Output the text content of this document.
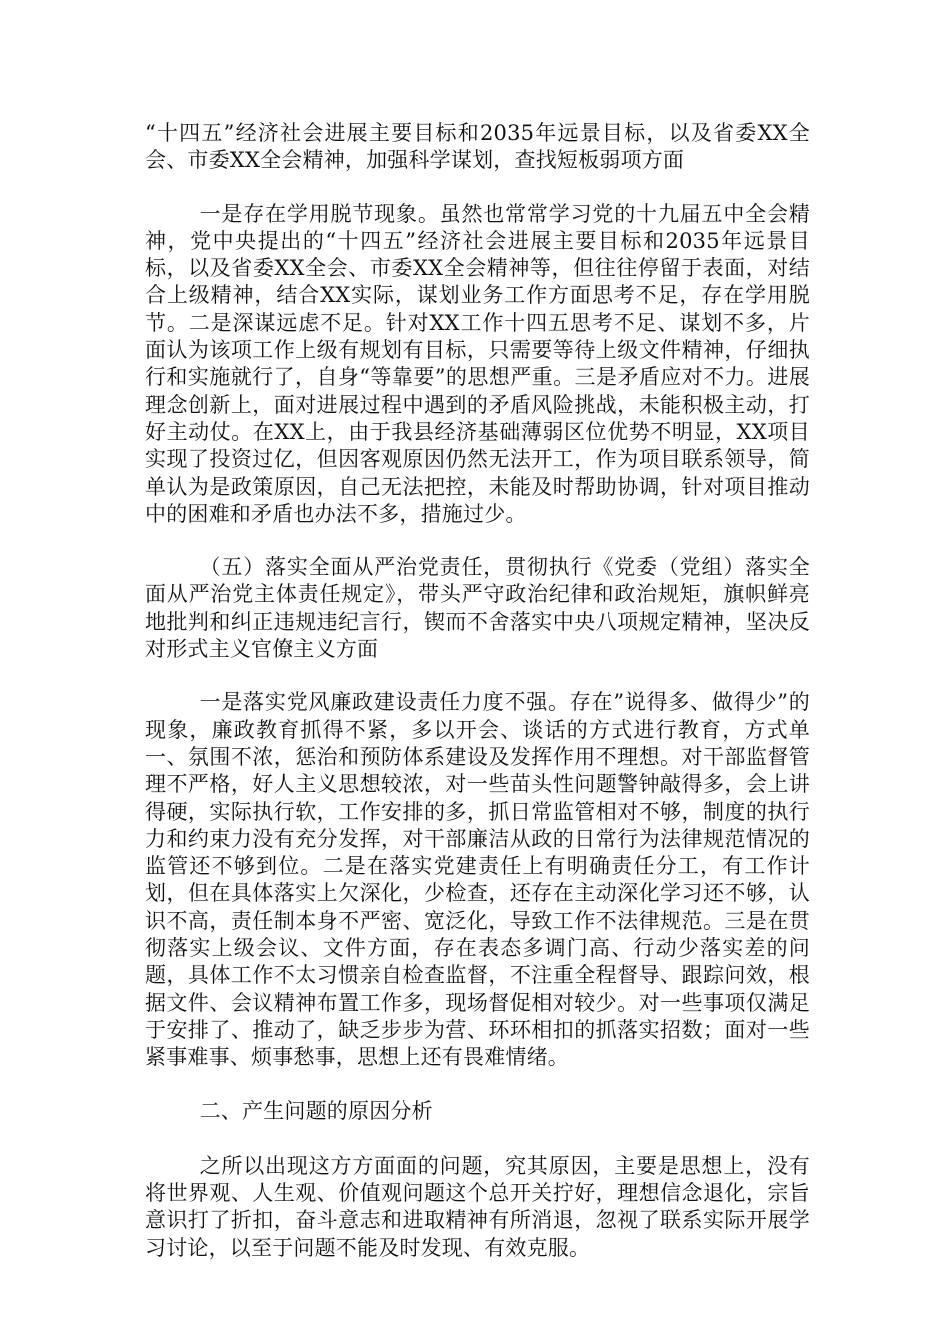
“十四五”经济社会进展主要目标和2035年远景目标，以及省委XX全会、市委XX全会精神，加强科学谋划，查找短板弱项方面

一是存在学用脱节现象。虽然也常常学习党的十九届五中全会精神，党中央提出的“十四五”经济社会进展主要目标和2035年远景目标，以及省委XX全会、市委XX全会精神等，但往往停留于表面，对结合上级精神，结合XX实际，谋划业务工作方面思考不足，存在学用脱节。二是深谋远虑不足。针对XX工作十四五思考不足、谋划不多，片面认为该项工作上级有规划有目标，只需要等待上级文件精神，仔细执行和实施就行了，自身“等靠要”的思想严重。三是矛盾应对不力。进展理念创新上，面对进展过程中遇到的矛盾风险挑战，未能积极主动，打好主动仗。在XX上，由于我县经济基础薄弱区位优势不明显，XX项目实现了投资过亿，但因客观原因仍然无法开工，作为项目联系领导，简单认为是政策原因，自己无法把控，未能及时帮助协调，针对项目推动中的困难和矛盾也办法不多，措施过少。

（五）落实全面从严治党责任，贯彻执行《党委（党组）落实全面从严治党主体责任规定》，带头严守政治纪律和政治规矩，旗帜鲜亮地批判和纠正违规违纪言行，锲而不舍落实中央八项规定精神，坚决反对形式主义官僚主义方面

一是落实党风廉政建设责任力度不强。存在”说得多、做得少”的现象，廉政教育抓得不紧，多以开会、谈话的方式进行教育，方式单一、氛围不浓，惩治和预防体系建设及发挥作用不理想。对干部监督管理不严格，好人主义思想较浓，对一些苗头性问题警钟敲得多，会上讲得硬，实际执行软，工作安排的多，抓日常监管相对不够，制度的执行力和约束力没有充分发挥，对干部廉洁从政的日常行为法律规范情况的监管还不够到位。二是在落实党建责任上有明确责任分工，有工作计划，但在具体落实上欠深化，少检查，还存在主动深化学习还不够，认识不高，责任制本身不严密、宽泛化，导致工作不法律规范。三是在贯彻落实上级会议、文件方面，存在表态多调门高、行动少落实差的问题，具体工作不太习惯亲自检查监督，不注重全程督导、跟踪问效，根据文件、会议精神布置工作多，现场督促相对较少。对一些事项仅满足于安排了、推动了，缺乏步步为营、环环相扣的抓落实招数；面对一些紧事难事、烦事愁事，思想上还有畏难情绪。

二、产生问题的原因分析

之所以出现这方方面面的问题，究其原因，主要是思想上，没有将世界观、人生观、价值观问题这个总开关拧好，理想信念退化，宗旨意识打了折扣，奋斗意志和进取精神有所消退，忽视了联系实际开展学习讨论，以至于问题不能及时发现、有效克服。
